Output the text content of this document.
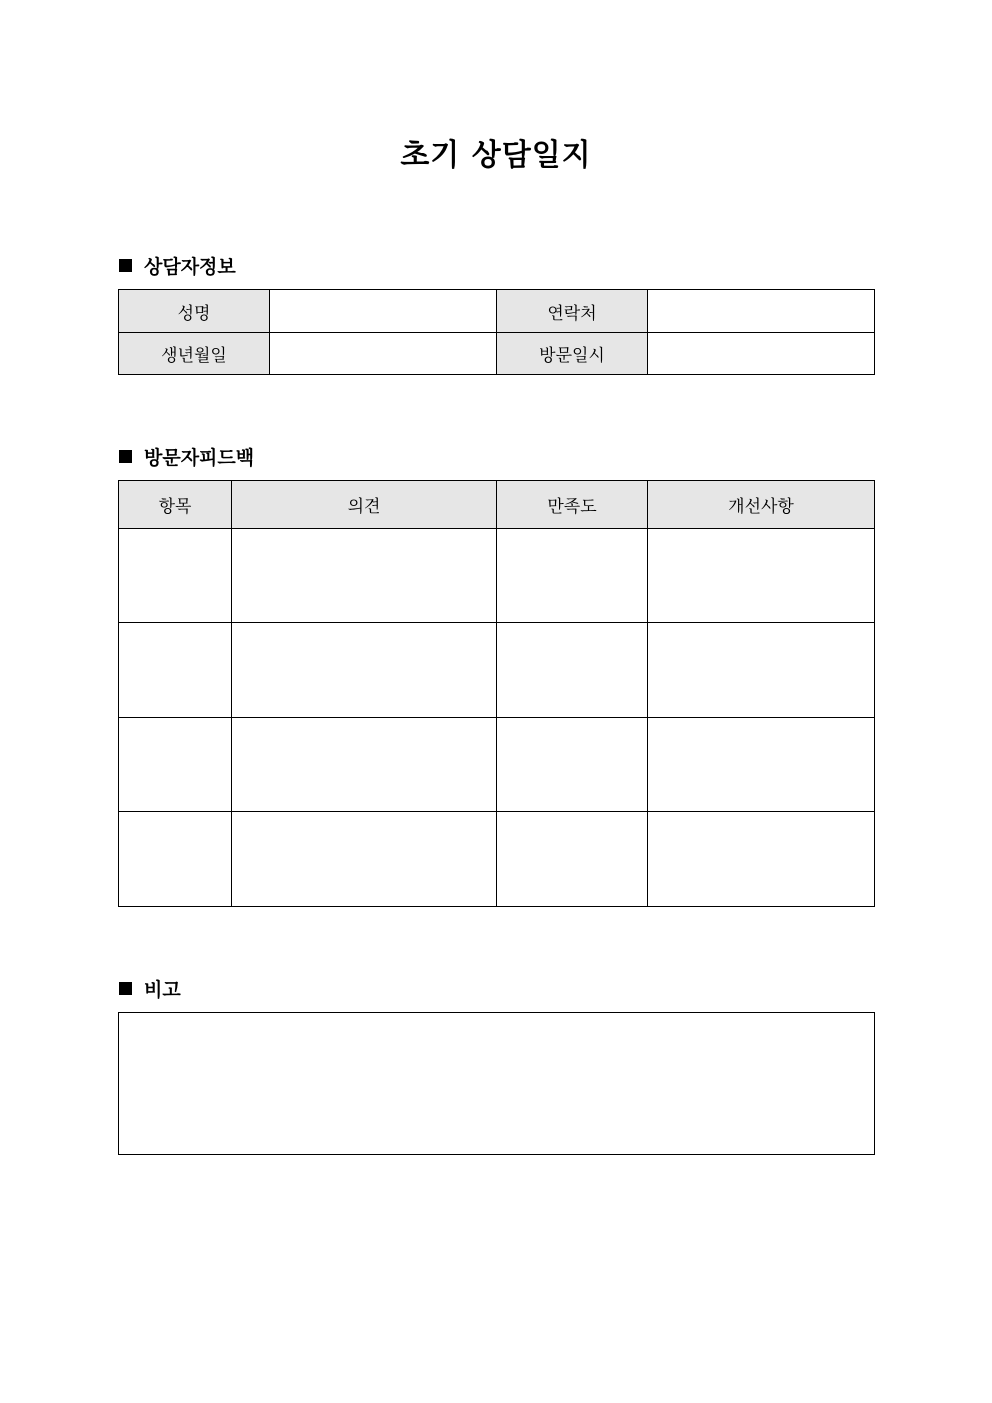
초기 상담일지
상담자정보
성명		연락처	
생년월일		방문일시	
방문자피드백
항목	의견	만족도	개선사항

비고
